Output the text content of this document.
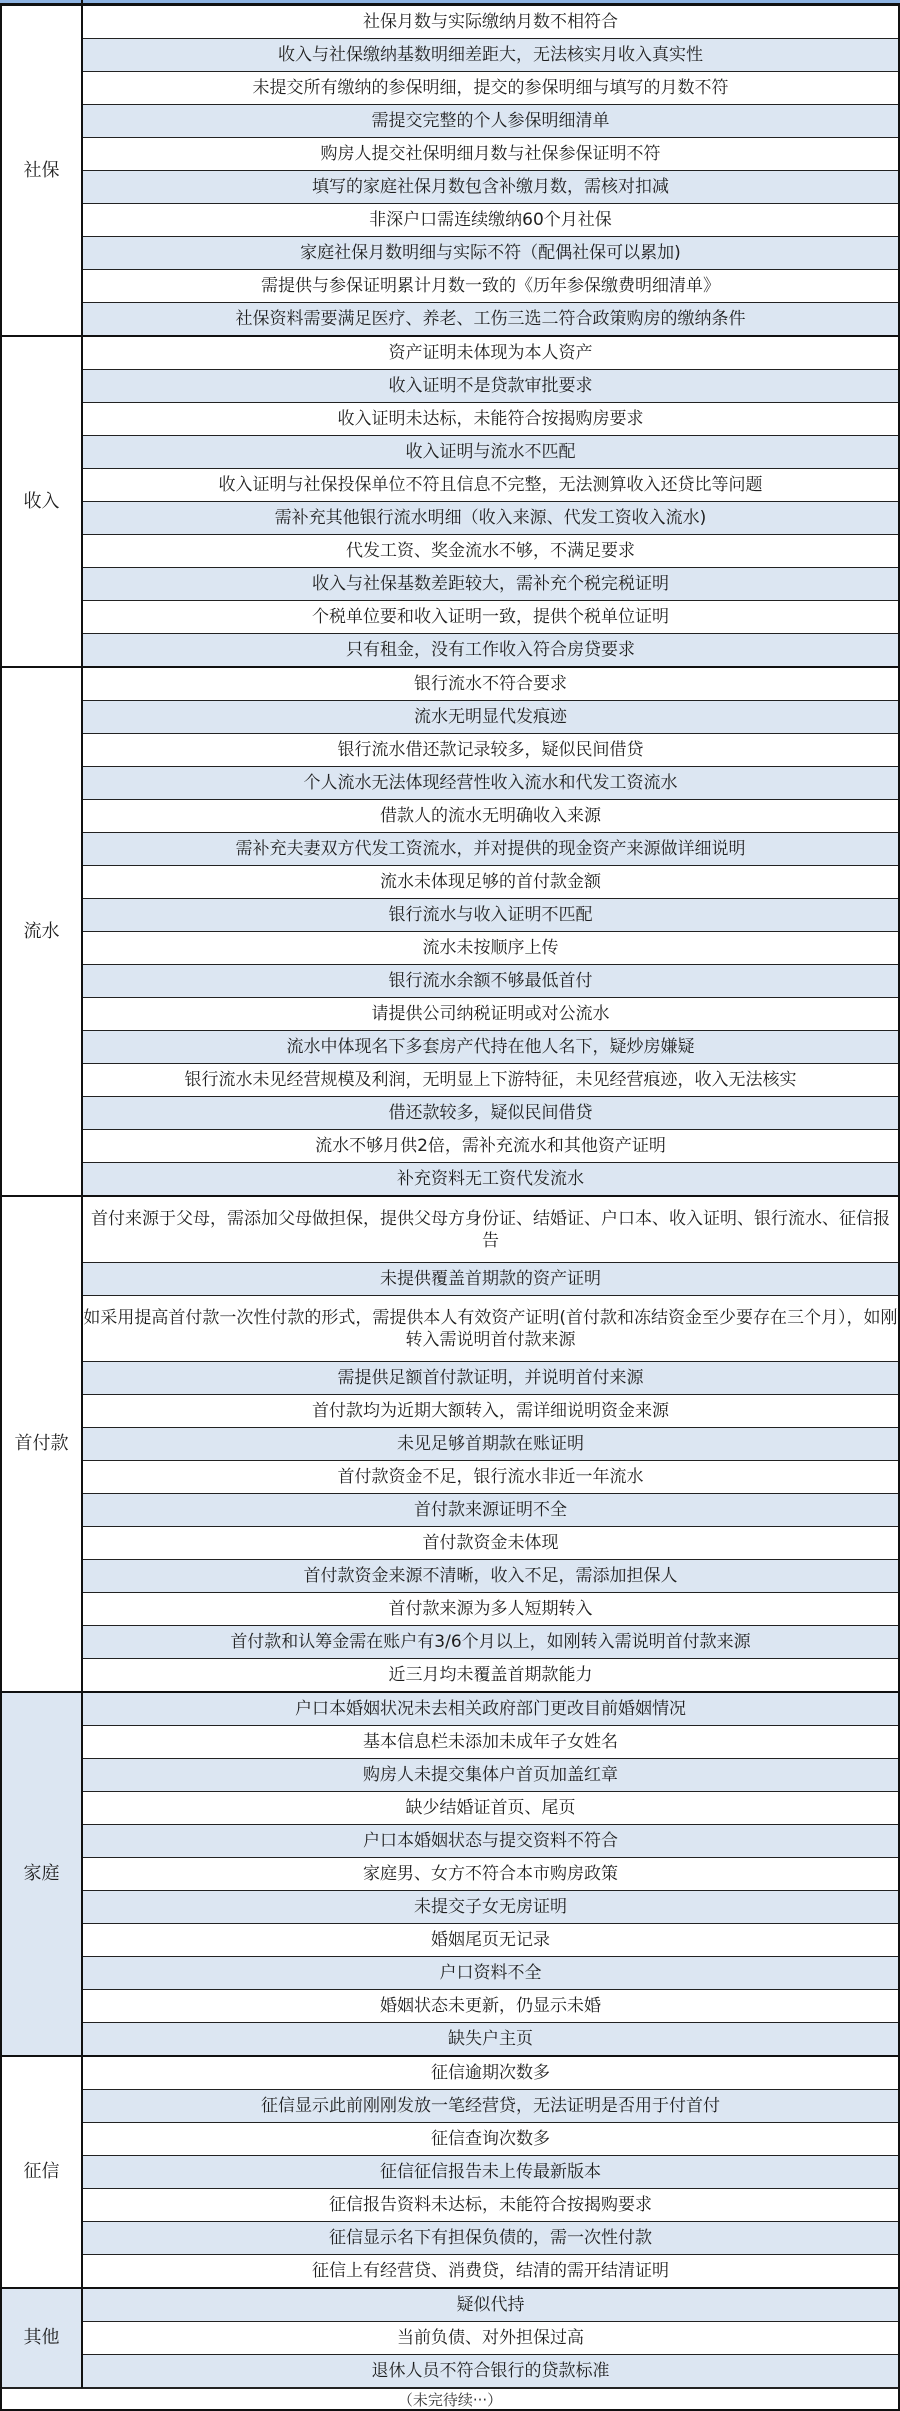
社保	社保月数与实际缴纳月数不相符合
	收入与社保缴纳基数明细差距大，无法核实月收入真实性
	未提交所有缴纳的参保明细，提交的参保明细与填写的月数不符
	需提交完整的个人参保明细清单
	购房人提交社保明细月数与社保参保证明不符
	填写的家庭社保月数包含补缴月数，需核对扣减
	非深户口需连续缴纳60个月社保
	家庭社保月数明细与实际不符（配偶社保可以累加)
	需提供与参保证明累计月数一致的《历年参保缴费明细清单》
	社保资料需要满足医疗、养老、工伤三选二符合政策购房的缴纳条件
收入	资产证明未体现为本人资产
	收入证明不是贷款审批要求
	收入证明未达标，未能符合按揭购房要求
	收入证明与流水不匹配
	收入证明与社保投保单位不符且信息不完整，无法测算收入还贷比等问题
	需补充其他银行流水明细（收入来源、代发工资收入流水)
	代发工资、奖金流水不够，不满足要求
	收入与社保基数差距较大，需补充个税完税证明
	个税单位要和收入证明一致，提供个税单位证明
	只有租金，没有工作收入符合房贷要求
流水	银行流水不符合要求
	流水无明显代发痕迹
	银行流水借还款记录较多，疑似民间借贷
	个人流水无法体现经营性收入流水和代发工资流水
	借款人的流水无明确收入来源
	需补充夫妻双方代发工资流水，并对提供的现金资产来源做详细说明
	流水未体现足够的首付款金额
	银行流水与收入证明不匹配
	流水未按顺序上传
	银行流水余额不够最低首付
	请提供公司纳税证明或对公流水
	流水中体现名下多套房产代持在他人名下，疑炒房嫌疑
	银行流水未见经营规模及利润，无明显上下游特征，未见经营痕迹，收入无法核实
	借还款较多，疑似民间借贷
	流水不够月供2倍，需补充流水和其他资产证明
	补充资料无工资代发流水
首付款	首付来源于父母，需添加父母做担保，提供父母方身份证、结婚证、户口本、收入证明、银行流水、征信报告
	未提供覆盖首期款的资产证明
	如采用提高首付款一次性付款的形式，需提供本人有效资产证明(首付款和冻结资金至少要存在三个月），如刚转入需说明首付款来源
	需提供足额首付款证明，并说明首付来源
	首付款均为近期大额转入，需详细说明资金来源
	未见足够首期款在账证明
	首付款资金不足，银行流水非近一年流水
	首付款来源证明不全
	首付款资金未体现
	首付款资金来源不清晰，收入不足，需添加担保人
	首付款来源为多人短期转入
	首付款和认筹金需在账户有3/6个月以上，如刚转入需说明首付款来源
	近三月均未覆盖首期款能力
家庭	户口本婚姻状况未去相关政府部门更改目前婚姻情况
	基本信息栏未添加未成年子女姓名
	购房人未提交集体户首页加盖红章
	缺少结婚证首页、尾页
	户口本婚姻状态与提交资料不符合
	家庭男、女方不符合本市购房政策
	未提交子女无房证明
	婚姻尾页无记录
	户口资料不全
	婚姻状态未更新，仍显示未婚
	缺失户主页
征信	征信逾期次数多
	征信显示此前刚刚发放一笔经营贷，无法证明是否用于付首付
	征信查询次数多
	征信征信报告未上传最新版本
	征信报告资料未达标，未能符合按揭购要求
	征信显示名下有担保负债的，需一次性付款
	征信上有经营贷、消费贷，结清的需开结清证明
其他	疑似代持
	当前负债、对外担保过高
	退休人员不符合银行的贷款标准
（未完待续···）
